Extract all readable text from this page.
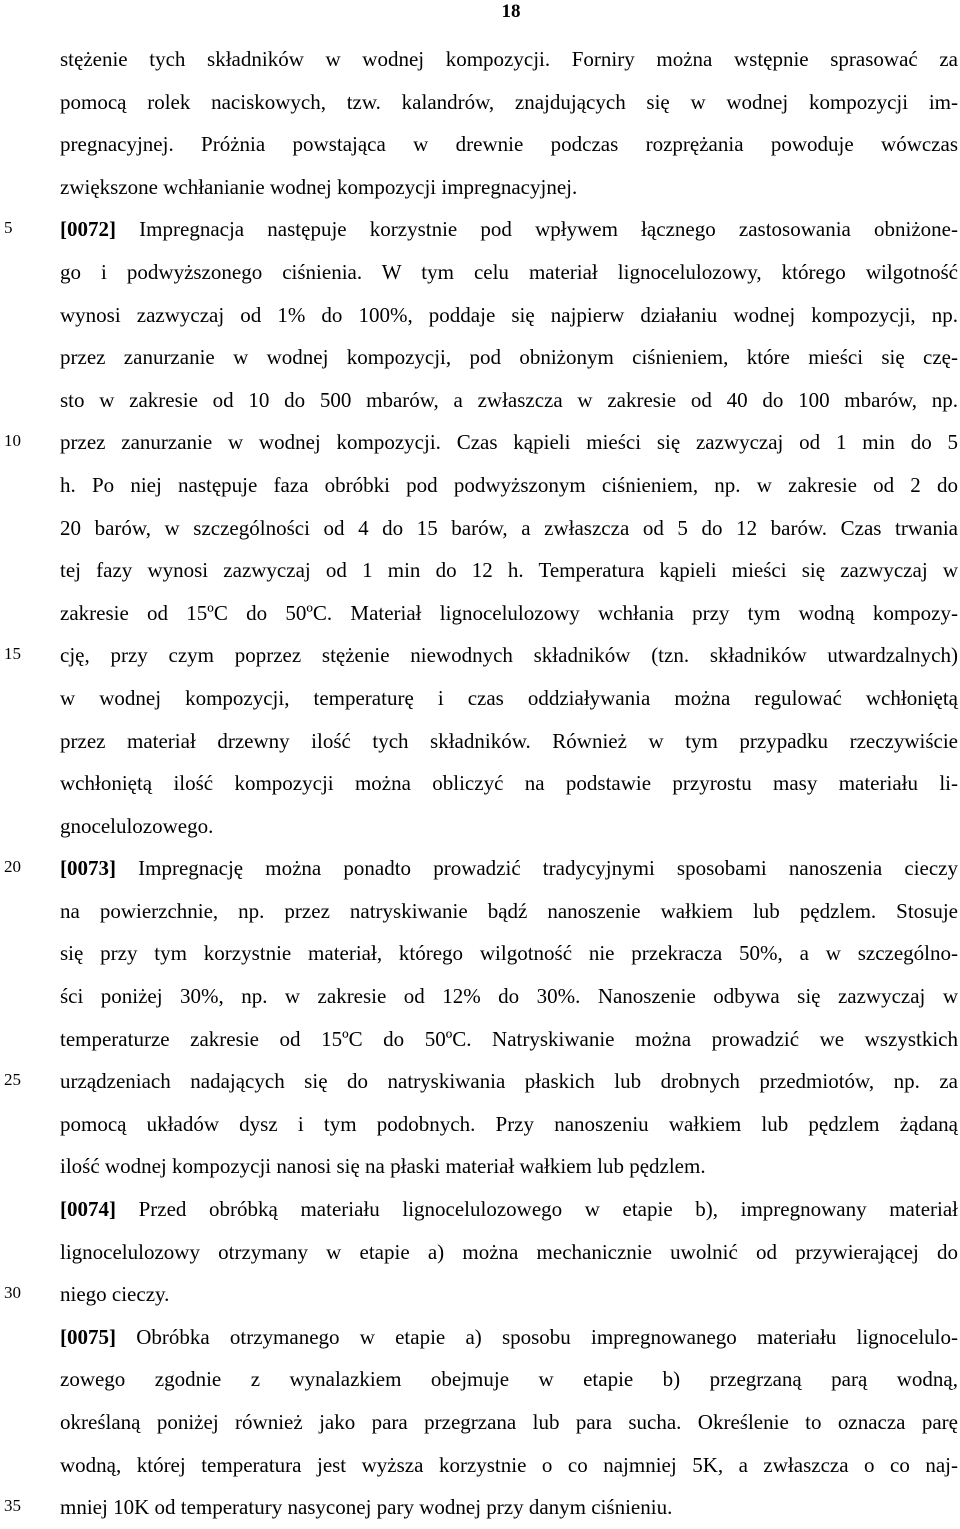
18
5
10
15
20
25
30
35
stężenie tych składników w wodnej kompozycji. Forniry można wstępnie sprasować za
pomocą rolek naciskowych, tzw. kalandrów, znajdujących się w wodnej kompozycji im-
pregnacyjnej. Próżnia powstająca w drewnie podczas rozprężania powoduje wówczas
zwiększone wchłanianie wodnej kompozycji impregnacyjnej.
[0072] Impregnacja następuje korzystnie pod wpływem łącznego zastosowania obniżone-
go i podwyższonego ciśnienia. W tym celu materiał lignocelulozowy, którego wilgotność
wynosi zazwyczaj od 1% do 100%, poddaje się najpierw działaniu wodnej kompozycji, np.
przez zanurzanie w wodnej kompozycji, pod obniżonym ciśnieniem, które mieści się czę-
sto w zakresie od 10 do 500 mbarów, a zwłaszcza w zakresie od 40 do 100 mbarów, np.
przez zanurzanie w wodnej kompozycji. Czas kąpieli mieści się zazwyczaj od 1 min do 5
h. Po niej następuje faza obróbki pod podwyższonym ciśnieniem, np. w zakresie od 2 do
20 barów, w szczególności od 4 do 15 barów, a zwłaszcza od 5 do 12 barów. Czas trwania
tej fazy wynosi zazwyczaj od 1 min do 12 h. Temperatura kąpieli mieści się zazwyczaj w
zakresie od 15ºC do 50ºC. Materiał lignocelulozowy wchłania przy tym wodną kompozy-
cję, przy czym poprzez stężenie niewodnych składników (tzn. składników utwardzalnych)
w wodnej kompozycji, temperaturę i czas oddziaływania można regulować wchłoniętą
przez materiał drzewny ilość tych składników. Również w tym przypadku rzeczywiście
wchłoniętą ilość kompozycji można obliczyć na podstawie przyrostu masy materiału li-
gnocelulozowego.
[0073] Impregnację można ponadto prowadzić tradycyjnymi sposobami nanoszenia cieczy
na powierzchnie, np. przez natryskiwanie bądź nanoszenie wałkiem lub pędzlem. Stosuje
się przy tym korzystnie materiał, którego wilgotność nie przekracza 50%, a w szczególno-
ści poniżej 30%, np. w zakresie od 12% do 30%. Nanoszenie odbywa się zazwyczaj w
temperaturze zakresie od 15ºC do 50ºC. Natryskiwanie można prowadzić we wszystkich
urządzeniach nadających się do natryskiwania płaskich lub drobnych przedmiotów, np. za
pomocą układów dysz i tym podobnych. Przy nanoszeniu wałkiem lub pędzlem żądaną
ilość wodnej kompozycji nanosi się na płaski materiał wałkiem lub pędzlem.
[0074] Przed obróbką materiału lignocelulozowego w etapie b), impregnowany materiał
lignocelulozowy otrzymany w etapie a) można mechanicznie uwolnić od przywierającej do
niego cieczy.
[0075] Obróbka otrzymanego w etapie a) sposobu impregnowanego materiału lignocelulo-
zowego zgodnie z wynalazkiem obejmuje w etapie b) przegrzaną parą wodną,
określaną poniżej również jako para przegrzana lub para sucha. Określenie to oznacza parę
wodną, której temperatura jest wyższa korzystnie o co najmniej 5K, a zwłaszcza o co naj-
mniej 10K od temperatury nasyconej pary wodnej przy danym ciśnieniu.
